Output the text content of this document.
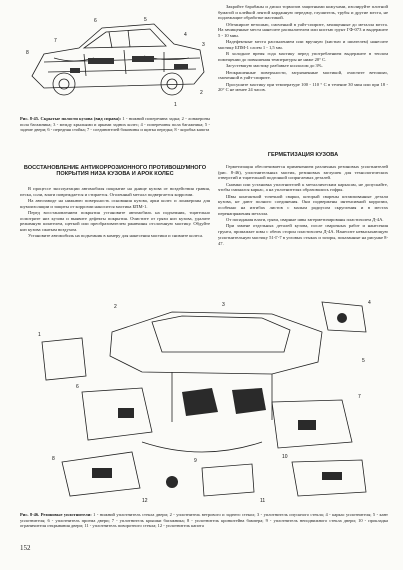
8
7
6	5
4
3
2
1
Рис. 8-45. Скрытые полости кузова (вид справа): 1 - нижний поперечина задка; 2 - лонжероны пола багажника; 3 - между крыльями и арками задних колес; 4 - поперечины пола багажника; 5 - задние двери; 6 - передняя стойка; 7 - соединителей боковины и щитка передка; 8 - коробка капота
ВОССТАНОВЛЕНИЕ АНТИКОРРОЗИОННОГО ПРОТИВОШУМНОГО ПОКРЫТИЯ НИЗА КУЗОВА И АРОК КОЛЕС

В процессе эксплуатации автомобиля покрытие на днище кузова от воздействия гравия, песка, соли, влаги повреждается и стирается. Оголенный металл подвергается коррозии.

На автозаводе на нижнюю поверхность основания кузова, арки колес и лонжероны для шумоизоляции и защиты от коррозии наносится мастика БПМ-1.

Перед восстановлением покрытия установите автомобиль на подъемник, тщательно осмотрите низ кузова и выявите дефекты покрытия. Очистите от грязи низ кузова, удалите режимную шпателем, щеткой или преобразователем ржавчины отслоенную мастику. Обдуйте низ кузова сжатым воздухом.

Установите автомобиль на подъемник в камеру для нанесения мастики и снимите колеса.

Закройте барабаны и диски тормозов защитными кожухами, изолируйте плотной бумагой и клейкой лентой карданную передачу, глушитель, трубы и другие места, не подлежащие обработке мастикой.

Обезжирьте ветошью, смоченной в уайт-спирите, зачищенные до металла места. На зачищенные места нанесите распылителем или кистью грунт ГФ-073 и выдержите 5 - 10 мин.

Надефектные места распылением или вручную (кистью и шпателем) нанесите мастику БПМ-1 слоем 1 - 1,5 мм.

В холодное время года мастику перед употреблением выдержите в теплом помещении до повышения температуры не ниже 20° С.

Загустевшую мастику разбавьте ксилолом до 3%.

Неокрашенные поверхности, загрязненные мастикой, очистите ветошью, смоченной в уайт-спирите.

Просушите мастику при температуре 100 - 110 ° С в течение 30 мин или при 18 - 20° С не менее 24 часов.

ГЕРМЕТИЗАЦИЯ КУЗОВА

Герметизация обеспечивается применением различных резиновых уплотнителей (рис. 8-46), уплотнительных мастик, резиновых заглушек для технологических отверстий и тщательной подгонкой сопрягаемых деталей.

Снимки или установка уплотнителей к металлическим каркасам, не допускайте, чтобы сминался каркас, а на уплотнителях образовались гофры.

Швы контактной точечной сварки, который сварены штампованные детали кузова, не дают полного соединения. Они подвержены интенсивной коррозии, особенно на изгибах листов с малым радиусом скругления и в местах перенапряжения металла.

От попадания влаги, грязи, сварные швы загерметизированы пластизолем Д-4А.

При замене отдельных деталей кузова, после сварочных работ и нанесения грунта, промажьте швы с обеих сторон пластизолем Д-4А. Нанесите невысыхающую уплотнительную мастику 51-Г-7 в угловых стыках и зазоры, показанные на рисунке 8-47.

1
2	3	4
5
6
7
8	9
10
11
12
Рис. 8-46. Резиновые уплотнители: 1 - нижний уплотнитель стекла двери; 2 - уплотнитель ветрового и заднего стекол; 3 - уплотнитель опускного стекла; 4 - каркас уплотнителя; 5 - кант уплотнителя; 6 - уплотнитель проема двери; 7 - уплотнитель крышки багажника; 8 - уплотнитель кронштейна бампера; 9 - уплотнитель неподвижного стекла двери; 10 - прокладка ограничителя открывания двери; 11 - уплотнитель поворотного стекла; 12 - уплотнитель капота
152
